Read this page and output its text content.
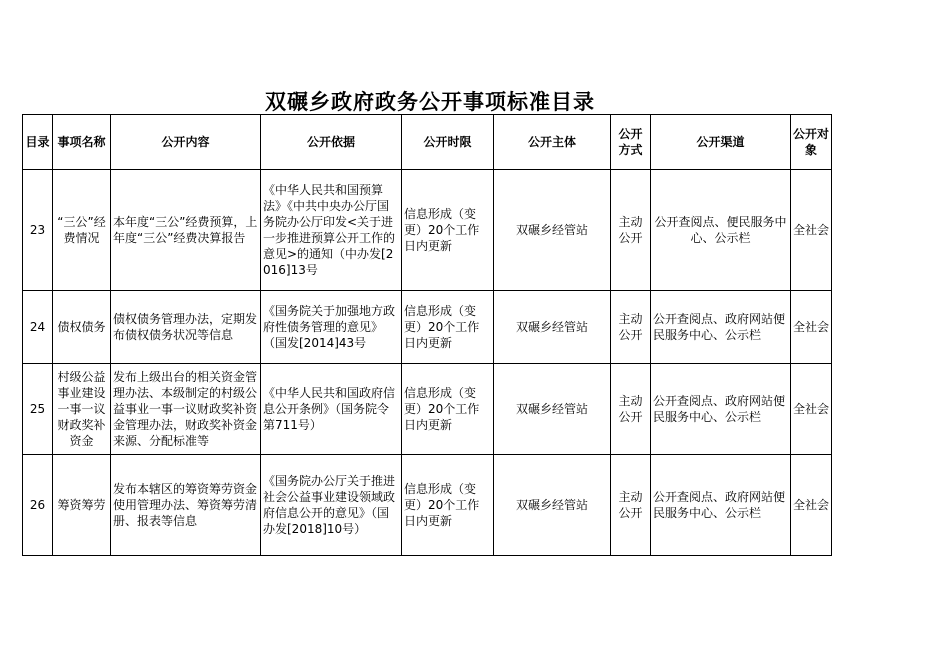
双碾乡政府政务公开事项标准目录
目录	事项名称	公开内容	公开依据	公开时限	公开主体	公开方式	公开渠道	公开对象
23	“三公”经费情况	本年度“三公”经费预算，上年度“三公”经费决算报告	《中华人民共和国预算法》《中共中央办公厅国务院办公厅印发<关于进一步推进预算公开工作的意见>的通知（中办发[2016]13号	信息形成（变更）20个工作日内更新	双碾乡经管站	主动公开	公开查阅点、便民服务中心、公示栏	全社会
24	债权债务	债权债务管理办法，定期发布债权债务状况等信息	《国务院关于加强地方政府性债务管理的意见》（国发[2014]43号	信息形成（变更）20个工作日内更新	双碾乡经管站	主动公开	公开查阅点、政府网站便民服务中心、公示栏	全社会
25	村级公益事业建设一事一议财政奖补资金	发布上级出台的相关资金管理办法、本级制定的村级公益事业一事一议财政奖补资金管理办法，财政奖补资金来源、分配标准等	《中华人民共和国政府信息公开条例》（国务院令第711号）	信息形成（变更）20个工作日内更新	双碾乡经管站	主动公开	公开查阅点、政府网站便民服务中心、公示栏	全社会
26	筹资筹劳	发布本辖区的筹资筹劳资金使用管理办法、筹资筹劳清册、报表等信息	《国务院办公厅关于推进社会公益事业建设领域政府信息公开的意见》（国办发[2018]10号）	信息形成（变更）20个工作日内更新	双碾乡经管站	主动公开	公开查阅点、政府网站便民服务中心、公示栏	全社会
